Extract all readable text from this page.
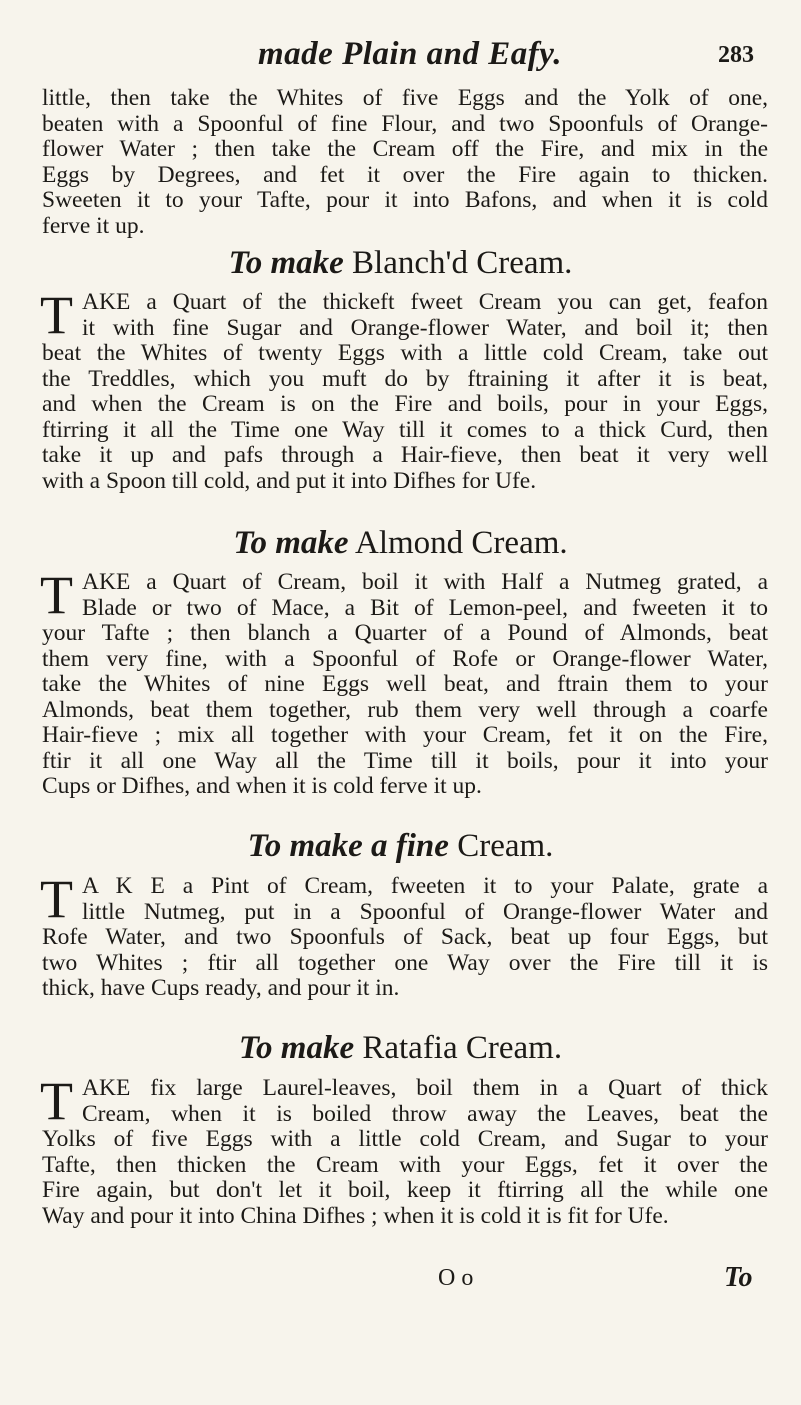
made Plain and Eafy.	283
little, then take the Whites of five Eggs and the Yolk of one,
beaten with a Spoonful of fine Flour, and two Spoonfuls of Orange-
flower Water ; then take the Cream off the Fire, and mix in the
Eggs by Degrees, and fet it over the Fire again to thicken.
Sweeten it to your Tafte, pour it into Bafons, and when it is cold
ferve it up.
To make Blanch'd Cream.
T AKE a Quart of the thickeft fweet Cream you can get, feafon
it with fine Sugar and Orange-flower Water, and boil it; then
beat the Whites of twenty Eggs with a little cold Cream, take out
the Treddles, which you muft do by ftraining it after it is beat,
and when the Cream is on the Fire and boils, pour in your Eggs,
ftirring it all the Time one Way till it comes to a thick Curd, then
take it up and pafs through a Hair-fieve, then beat it very well
with a Spoon till cold, and put it into Difhes for Ufe.
To make Almond Cream.
T AKE a Quart of Cream, boil it with Half a Nutmeg grated, a
Blade or two of Mace, a Bit of Lemon-peel, and fweeten it to
your Tafte ; then blanch a Quarter of a Pound of Almonds, beat
them very fine, with a Spoonful of Rofe or Orange-flower Water,
take the Whites of nine Eggs well beat, and ftrain them to your
Almonds, beat them together, rub them very well through a coarfe
Hair-fieve ; mix all together with your Cream, fet it on the Fire,
ftir it all one Way all the Time till it boils, pour it into your
Cups or Difhes, and when it is cold ferve it up.
To make a fine Cream.
T A K E a Pint of Cream, fweeten it to your Palate, grate a
little Nutmeg, put in a Spoonful of Orange-flower Water and
Rofe Water, and two Spoonfuls of Sack, beat up four Eggs, but
two Whites ; ftir all together one Way over the Fire till it is
thick, have Cups ready, and pour it in.
To make Ratafia Cream.
T AKE fix large Laurel-leaves, boil them in a Quart of thick
Cream, when it is boiled throw away the Leaves, beat the
Yolks of five Eggs with a little cold Cream, and Sugar to your
Tafte, then thicken the Cream with your Eggs, fet it over the
Fire again, but don't let it boil, keep it ftirring all the while one
Way and pour it into China Difhes ; when it is cold it is fit for Ufe.
O o	To
